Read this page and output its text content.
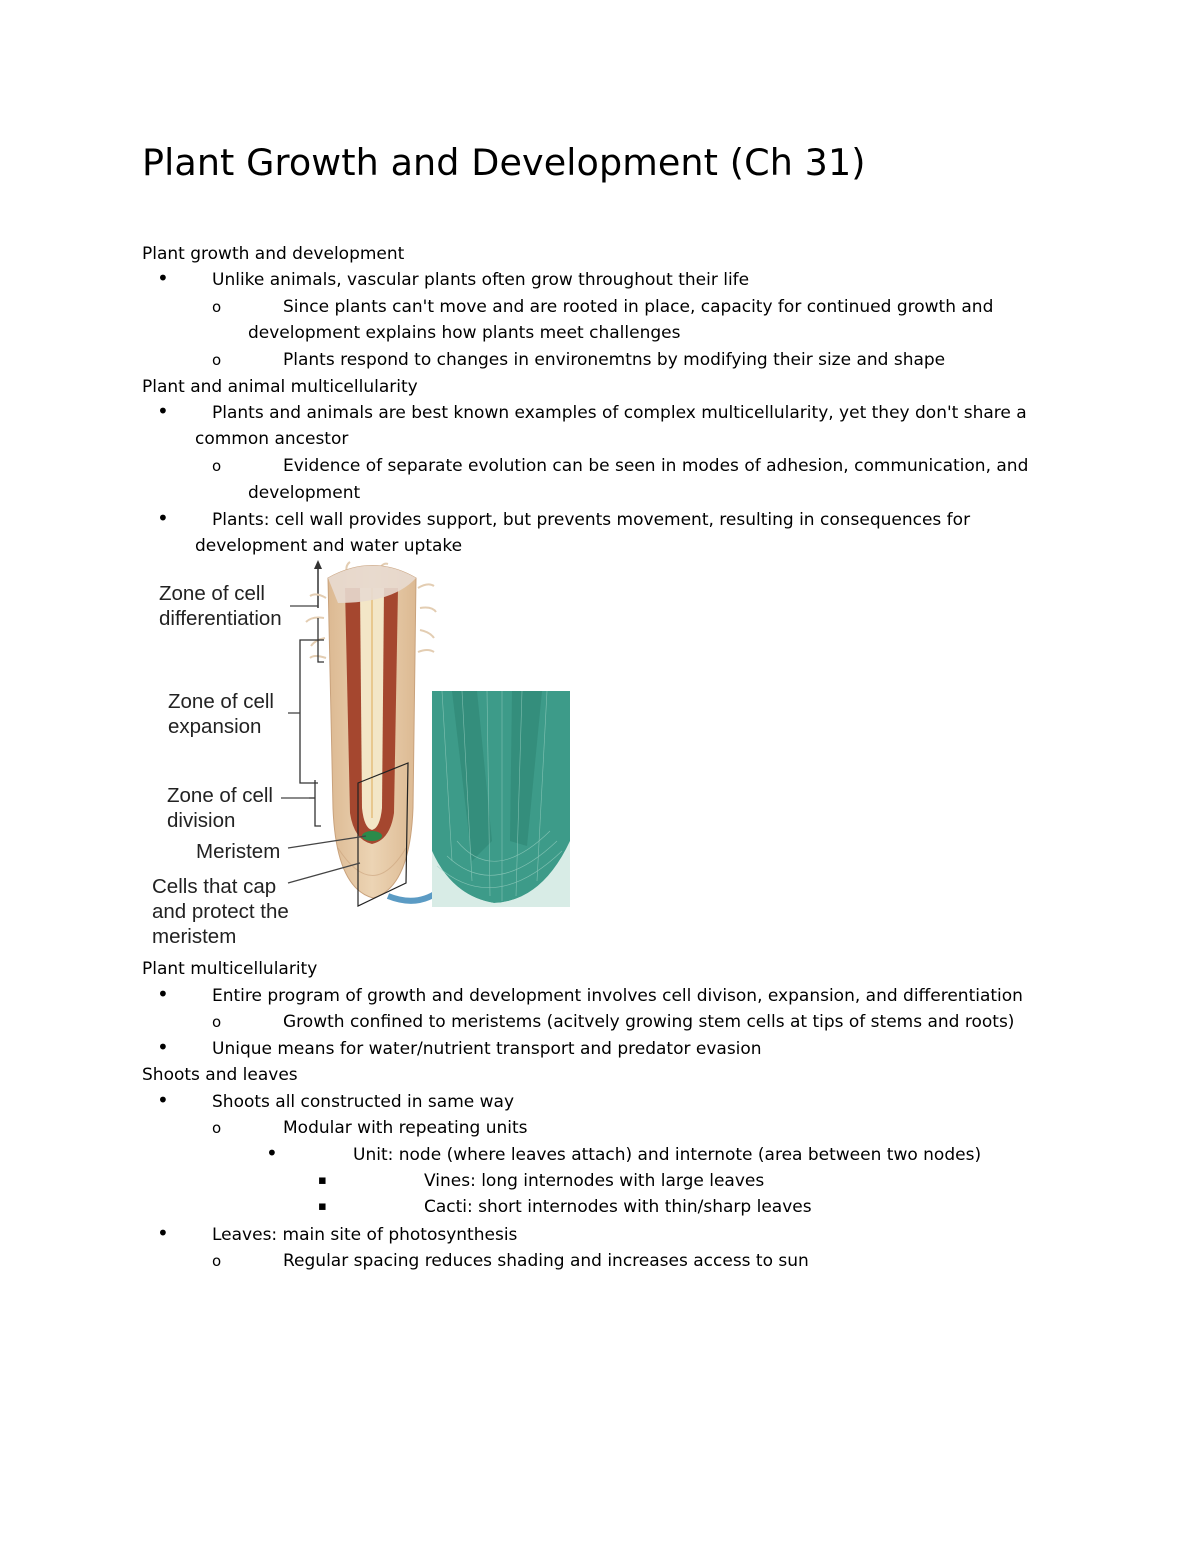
Plant Growth and Development (Ch 31)
Plant growth and development
•	Unlike animals, vascular plants often grow throughout their life
o	Since plants can't move and are rooted in place, capacity for continued growth and
development explains how plants meet challenges
o	Plants respond to changes in environemtns by modifying their size and shape
Plant and animal multicellularity
•	Plants and animals are best known examples of complex multicellularity, yet they don't share a
common ancestor
o	Evidence of separate evolution can be seen in modes of adhesion, communication, and
development
•	Plants: cell wall provides support, but prevents movement, resulting in consequences for
development and water uptake
Zone of cell
differentiation
Zone of cell
expansion
Zone of cell
division
Meristem
Cells that cap
and protect the
meristem
Plant multicellularity
•	Entire program of growth and development involves cell divison, expansion, and differentiation
o	Growth confined to meristems (acitvely growing stem cells at tips of stems and roots)
•	Unique means for water/nutrient transport and predator evasion
Shoots and leaves
•	Shoots all constructed in same way
o	Modular with repeating units
•	Unit: node (where leaves attach) and internote (area between two nodes)
▪	Vines: long internodes with large leaves
▪	Cacti: short internodes with thin/sharp leaves
•	Leaves: main site of photosynthesis
o	Regular spacing reduces shading and increases access to sun
